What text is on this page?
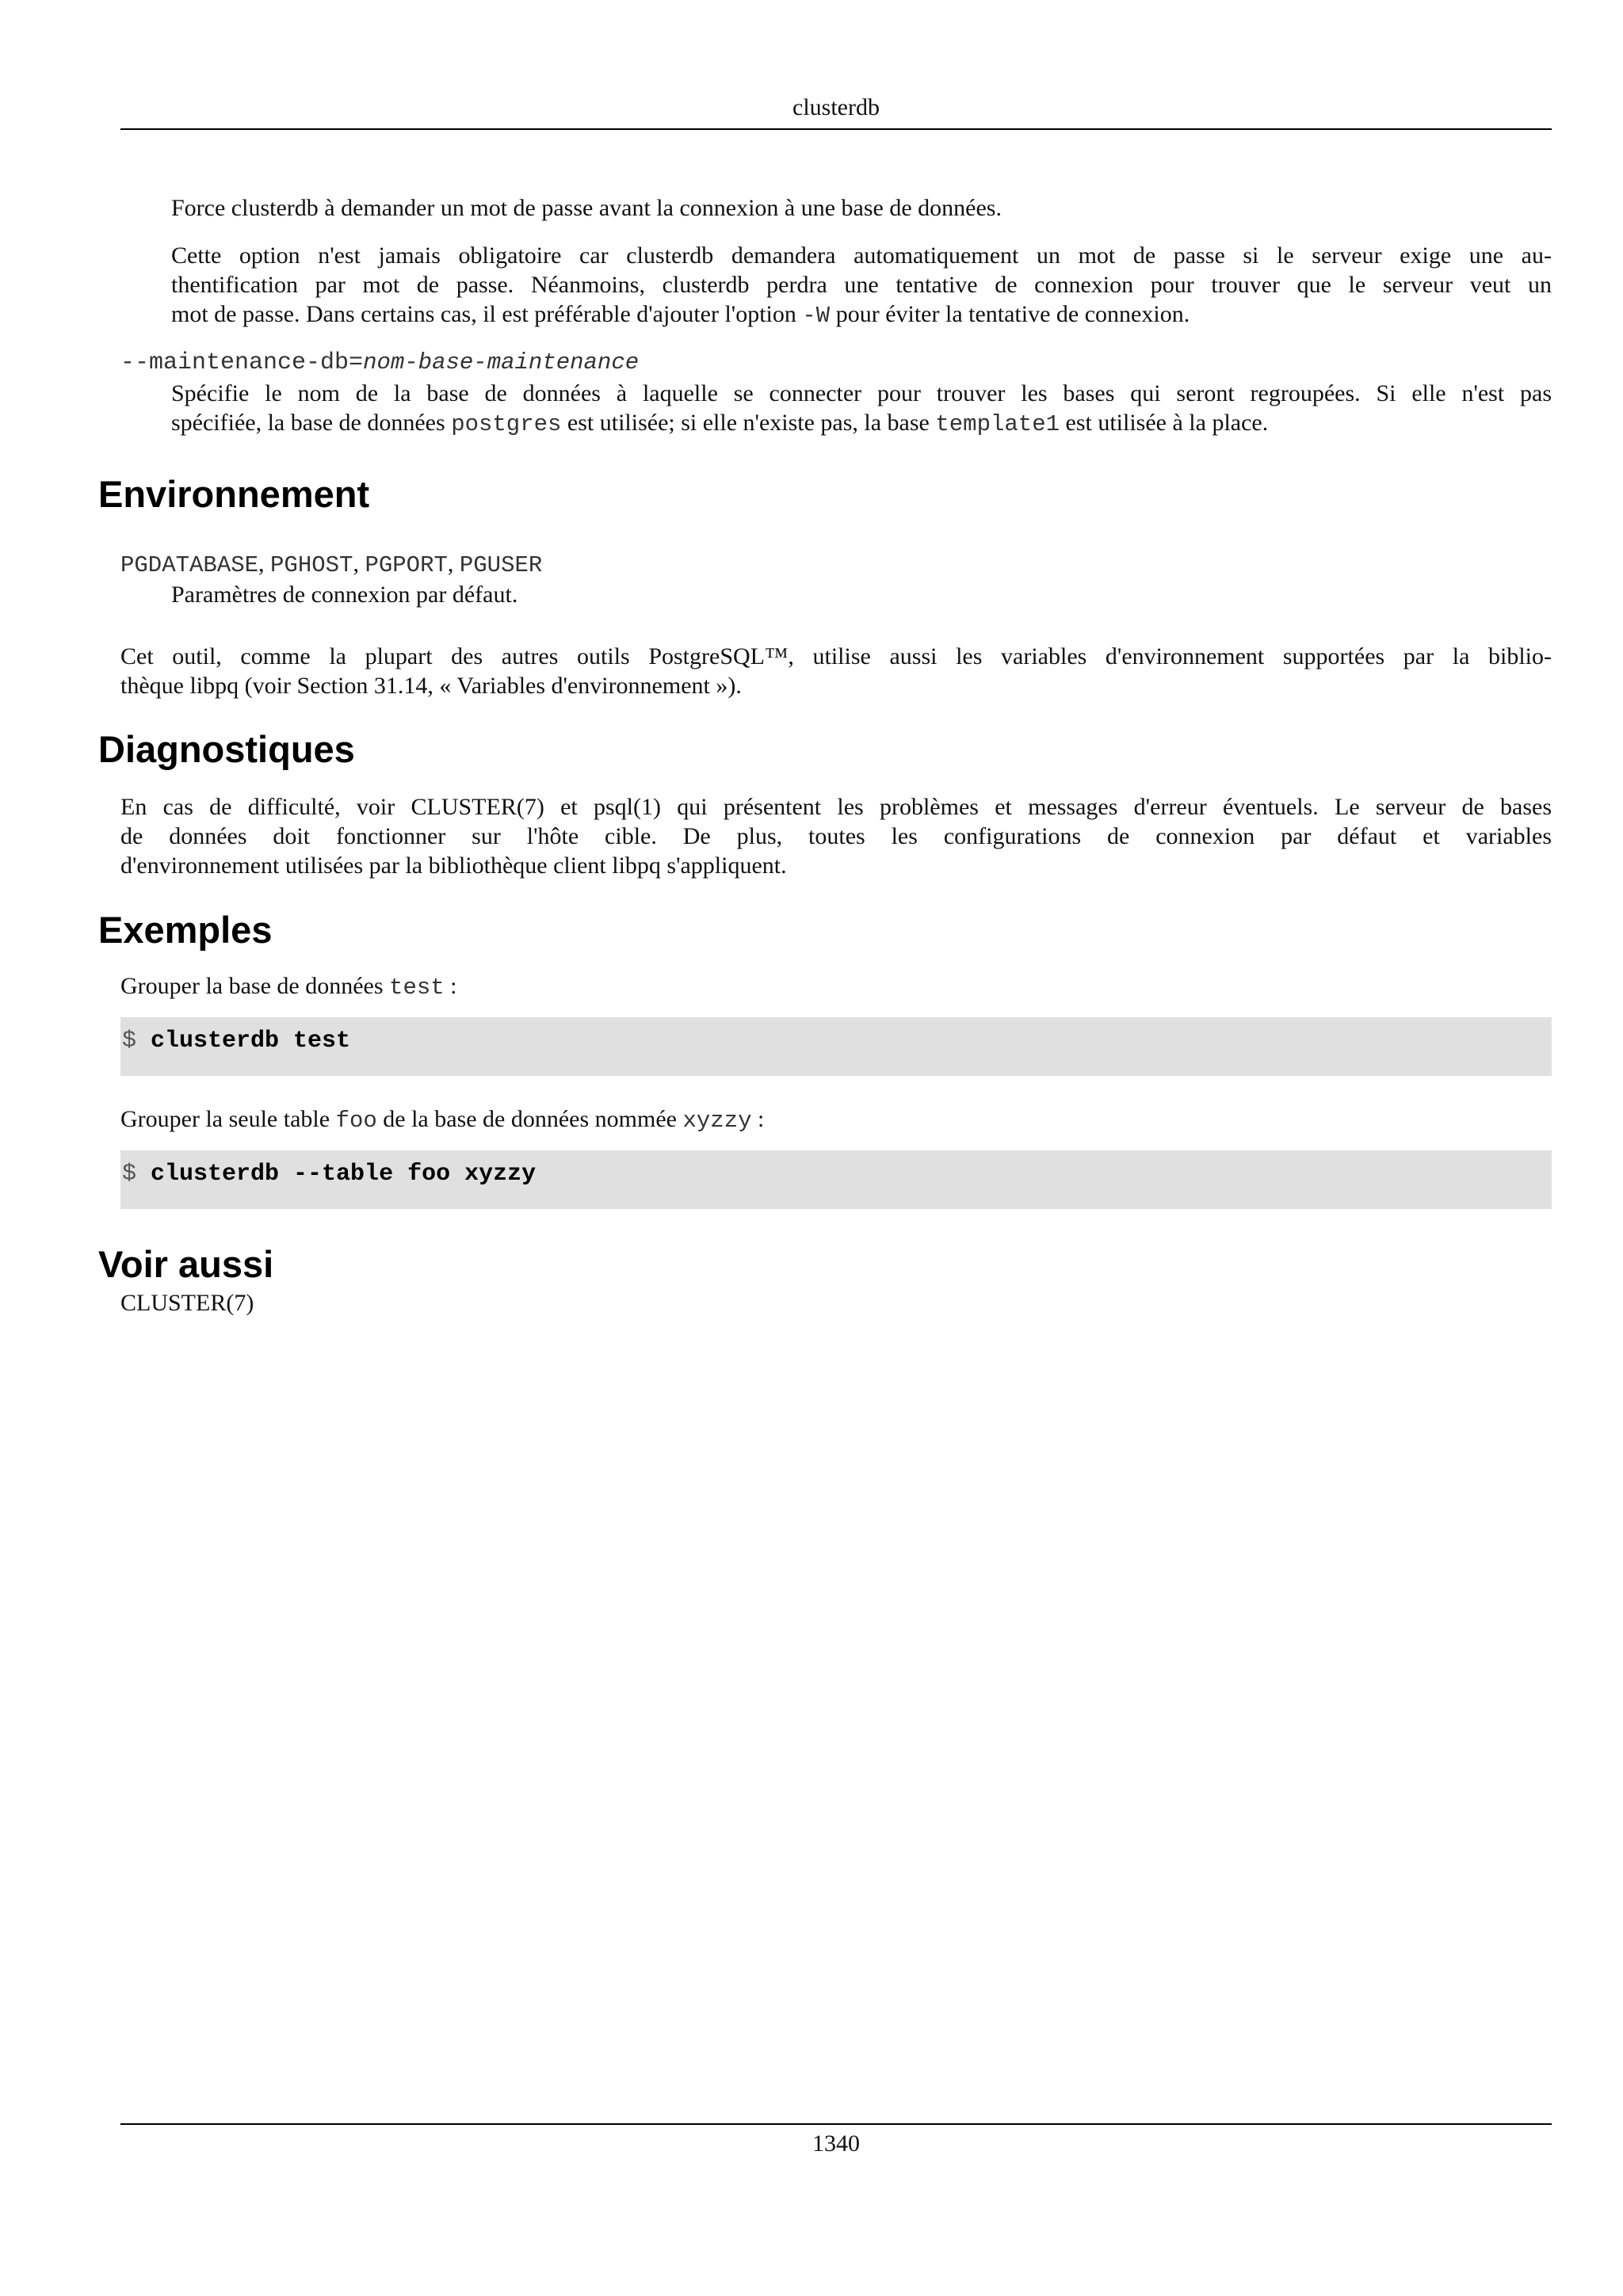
clusterdb

Force clusterdb à demander un mot de passe avant la connexion à une base de données.

Cette option n'est jamais obligatoire car clusterdb demandera automatiquement un mot de passe si le serveur exige une au-
thentification par mot de passe. Néanmoins, clusterdb perdra une tentative de connexion pour trouver que le serveur veut un
mot de passe. Dans certains cas, il est préférable d'ajouter l'option -W pour éviter la tentative de connexion.

--maintenance-db=nom-base-maintenance

Spécifie le nom de la base de données à laquelle se connecter pour trouver les bases qui seront regroupées. Si elle n'est pas
spécifiée, la base de données postgres est utilisée; si elle n'existe pas, la base template1 est utilisée à la place.

Environnement
PGDATABASE, PGHOST, PGPORT, PGUSER

Paramètres de connexion par défaut.

Cet outil, comme la plupart des autres outils PostgreSQL™, utilise aussi les variables d'environnement supportées par la biblio-
thèque libpq (voir Section 31.14, « Variables d'environnement »).

Diagnostiques

En cas de difficulté, voir CLUSTER(7) et psql(1) qui présentent les problèmes et messages d'erreur éventuels. Le serveur de bases
de données doit fonctionner sur l'hôte cible. De plus, toutes les configurations de connexion par défaut et variables
d'environnement utilisées par la bibliothèque client libpq s'appliquent.

Exemples

Grouper la base de données test :

$ clusterdb test

Grouper la seule table foo de la base de données nommée xyzzy :

$ clusterdb --table foo xyzzy
Voir aussi

CLUSTER(7)

1340
